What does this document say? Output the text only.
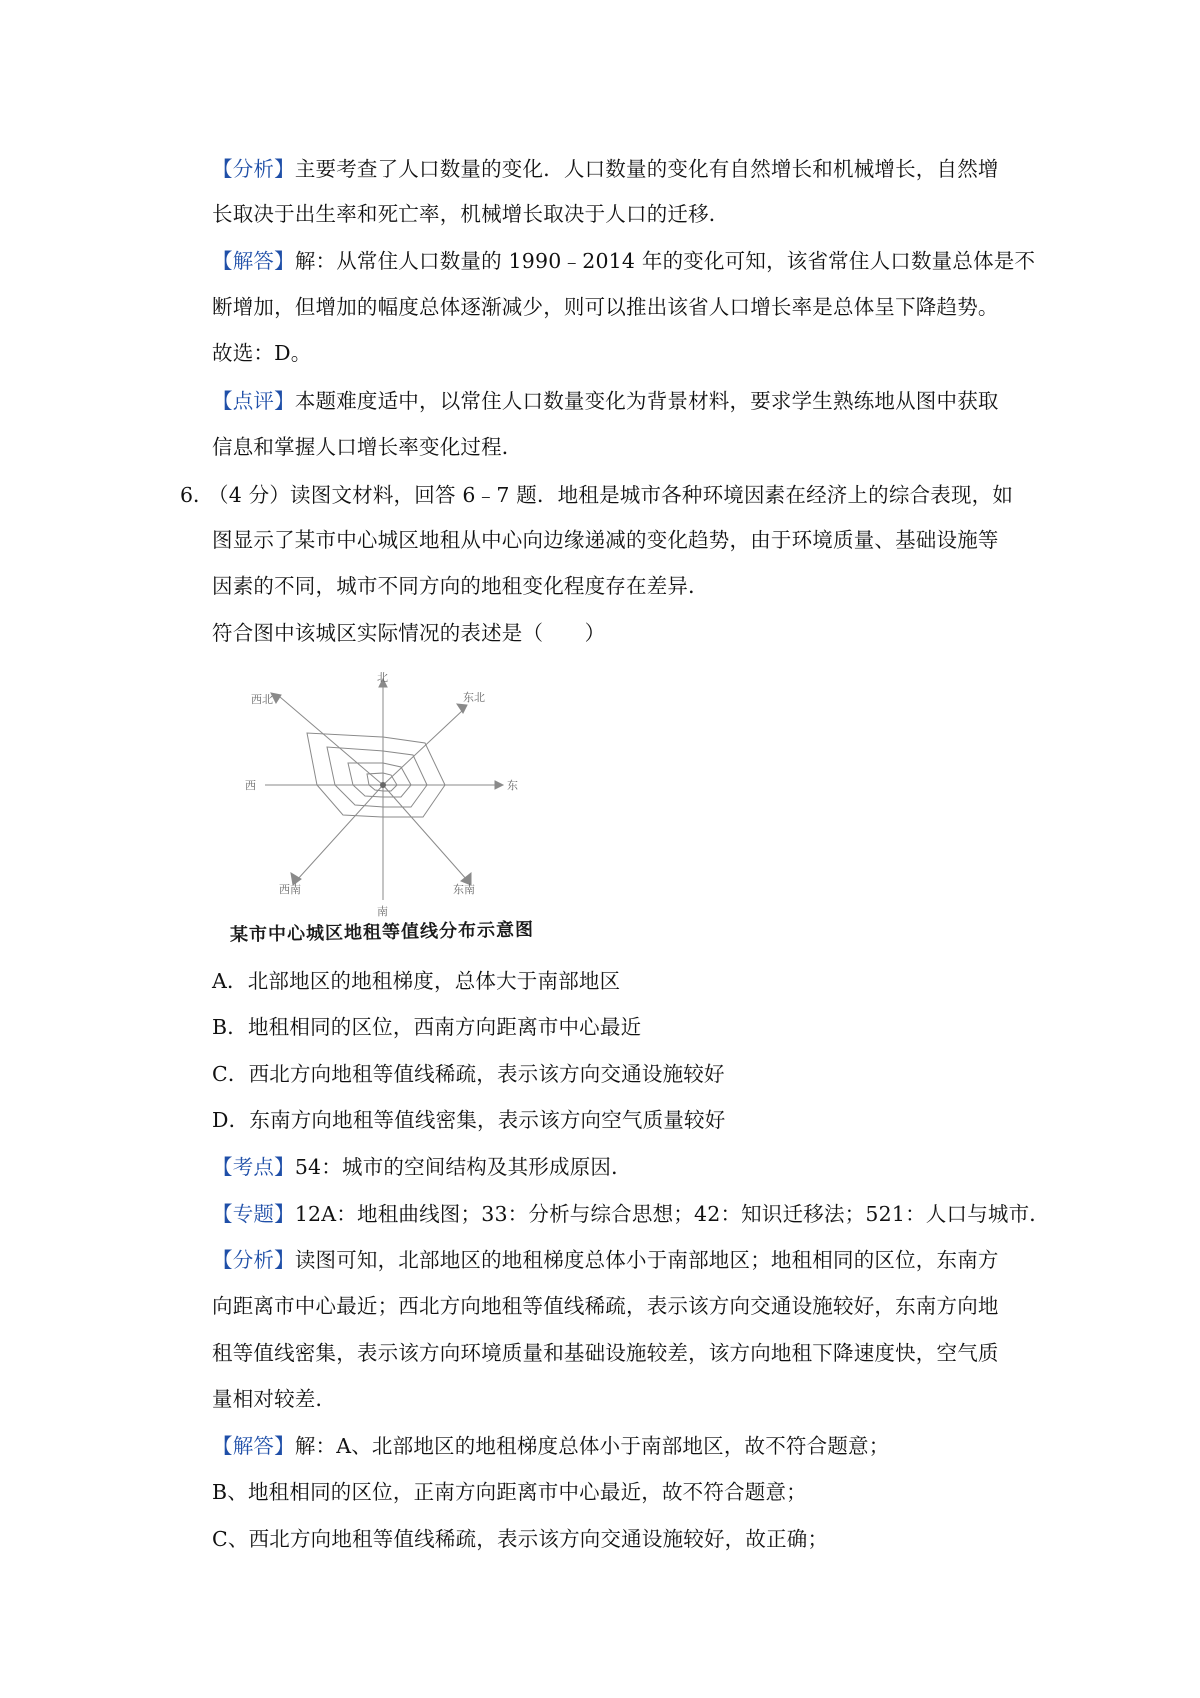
【分析】主要考查了人口数量的变化．人口数量的变化有自然增长和机械增长，自然增
长取决于出生率和死亡率，机械增长取决于人口的迁移．
【解答】解：从常住人口数量的 1990﹣2014 年的变化可知，该省常住人口数量总体是不
断增加，但增加的幅度总体逐渐减少，则可以推出该省人口增长率是总体呈下降趋势。
故选：D。
【点评】本题难度适中，以常住人口数量变化为背景材料，要求学生熟练地从图中获取
信息和掌握人口增长率变化过程．
6．
（4 分）读图文材料，回答 6﹣7 题．地租是城市各种环境因素在经济上的综合表现，如
图显示了某市中心城区地租从中心向边缘递减的变化趋势，由于环境质量、基础设施等
因素的不同，城市不同方向的地租变化程度存在差异．
符合图中该城区实际情况的表述是（　　）
北
东北
西北
东
西
西南	东南
南
某市中心城区地租等值线分布示意图
A．北部地区的地租梯度，总体大于南部地区
B．地租相同的区位，西南方向距离市中心最近
C．西北方向地租等值线稀疏，表示该方向交通设施较好
D．东南方向地租等值线密集，表示该方向空气质量较好
【考点】54：城市的空间结构及其形成原因．
【专题】12A：地租曲线图；33：分析与综合思想；42：知识迁移法；521：人口与城市．
【分析】读图可知，北部地区的地租梯度总体小于南部地区；地租相同的区位，东南方
向距离市中心最近；西北方向地租等值线稀疏，表示该方向交通设施较好，东南方向地
租等值线密集，表示该方向环境质量和基础设施较差，该方向地租下降速度快，空气质
量相对较差．
【解答】解：A、北部地区的地租梯度总体小于南部地区，故不符合题意；
B、地租相同的区位，正南方向距离市中心最近，故不符合题意；
C、西北方向地租等值线稀疏，表示该方向交通设施较好，故正确；
